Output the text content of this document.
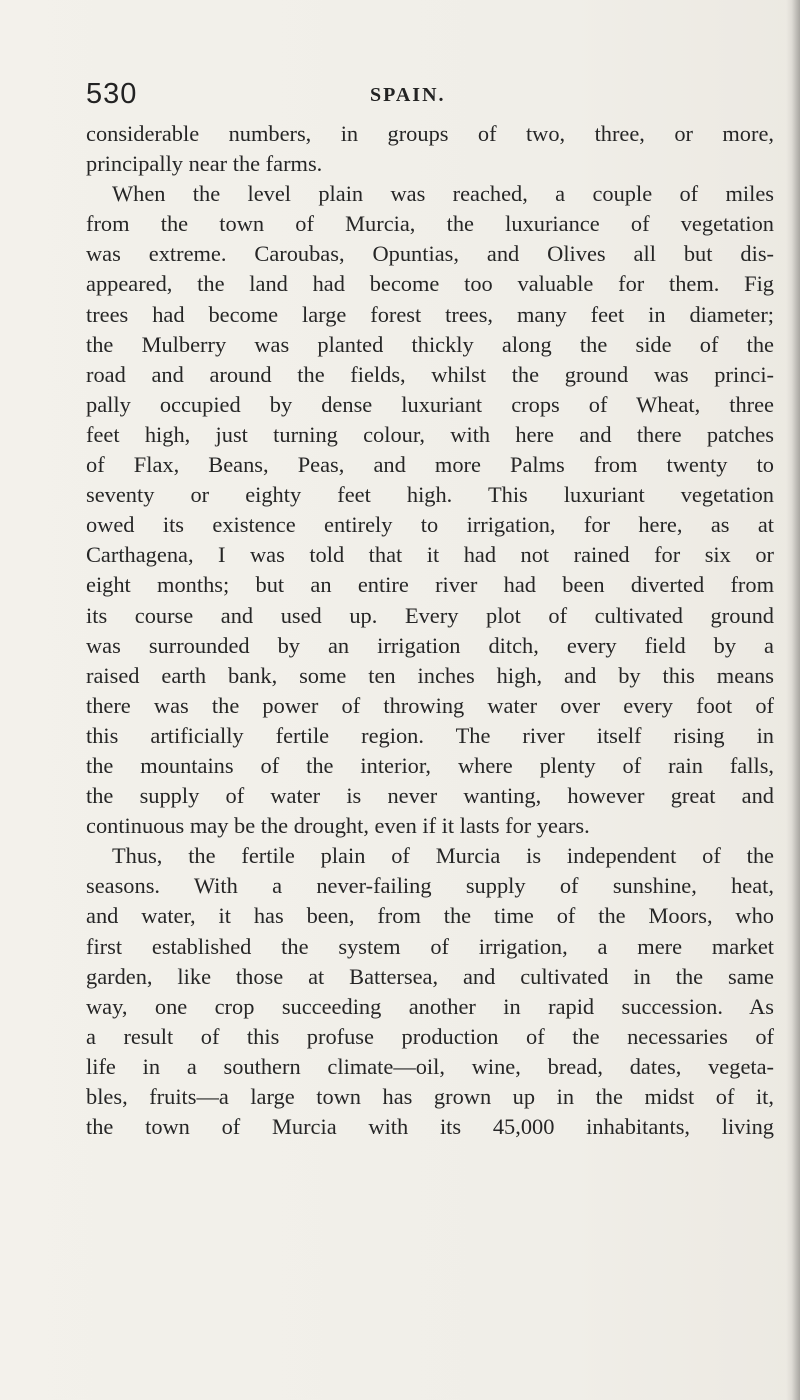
530	SPAIN.
considerable numbers, in groups of two, three, or more,
principally near the farms.
When the level plain was reached, a couple of miles
from the town of Murcia, the luxuriance of vegetation
was extreme. Caroubas, Opuntias, and Olives all but dis-
appeared, the land had become too valuable for them. Fig
trees had become large forest trees, many feet in diameter;
the Mulberry was planted thickly along the side of the
road and around the fields, whilst the ground was princi-
pally occupied by dense luxuriant crops of Wheat, three
feet high, just turning colour, with here and there patches
of Flax, Beans, Peas, and more Palms from twenty to
seventy or eighty feet high. This luxuriant vegetation
owed its existence entirely to irrigation, for here, as at
Carthagena, I was told that it had not rained for six or
eight months; but an entire river had been diverted from
its course and used up. Every plot of cultivated ground
was surrounded by an irrigation ditch, every field by a
raised earth bank, some ten inches high, and by this means
there was the power of throwing water over every foot of
this artificially fertile region. The river itself rising in
the mountains of the interior, where plenty of rain falls,
the supply of water is never wanting, however great and
continuous may be the drought, even if it lasts for years.
Thus, the fertile plain of Murcia is independent of the
seasons. With a never-failing supply of sunshine, heat,
and water, it has been, from the time of the Moors, who
first established the system of irrigation, a mere market
garden, like those at Battersea, and cultivated in the same
way, one crop succeeding another in rapid succession. As
a result of this profuse production of the necessaries of
life in a southern climate—oil, wine, bread, dates, vegeta-
bles, fruits—a large town has grown up in the midst of it,
the town of Murcia with its 45,000 inhabitants, living
